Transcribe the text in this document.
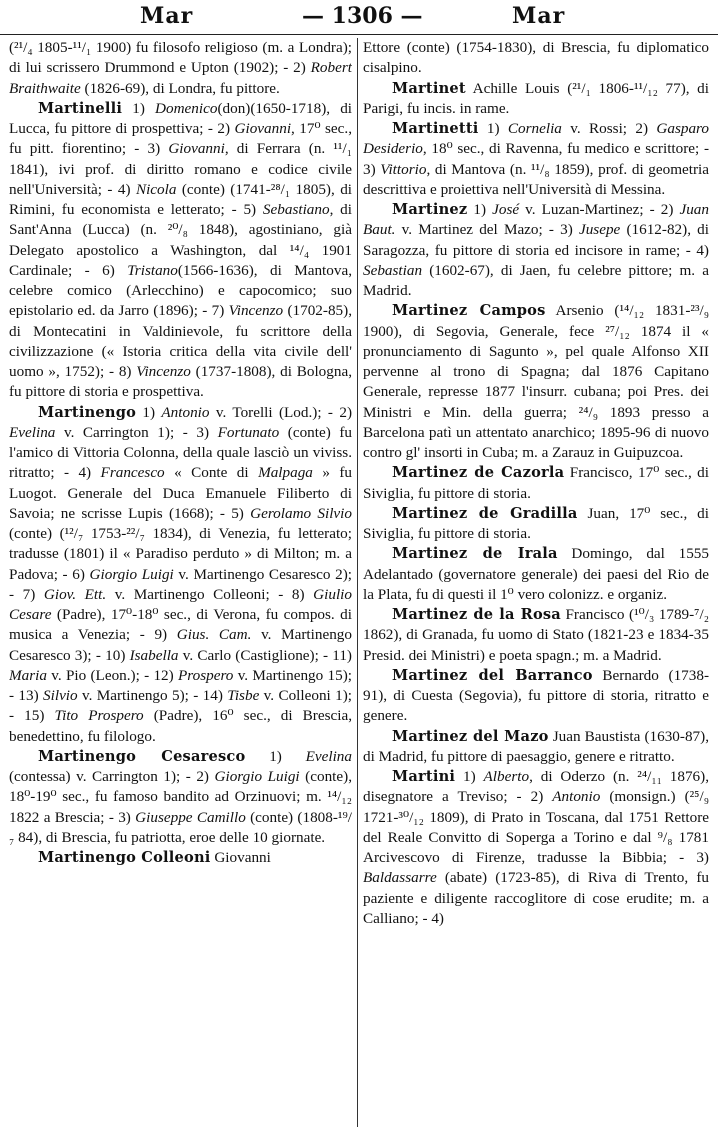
Mar	— 1306 —	Mar

(²¹/₄ 1805-¹¹/₁ 1900) fu filosofo religioso (m. a Londra); di lui scrissero Drummond e Upton (1902); - 2) Robert Braithwaite (1826-69), di Londra, fu pittore.

Martinelli 1) Domenico(don)(1650-1718), di Lucca, fu pittore di prospettiva; - 2) Giovanni, 17⁰ sec., fu pitt. fiorentino; - 3) Giovanni, di Ferrara (n. ¹¹/₁ 1841), ivi prof. di diritto romano e codice civile nell'Università; - 4) Nicola (conte) (1741-²⁸/₁ 1805), di Rimini, fu economista e letterato; - 5) Sebastiano, di Sant'Anna (Lucca) (n. ²⁰/₈ 1848), agostiniano, già Delegato apostolico a Washington, dal ¹⁴/₄ 1901 Cardinale; - 6) Tristano(1566-1636), di Mantova, celebre comico (Arlecchino) e capocomico; suo epistolario ed. da Jarro (1896); - 7) Vincenzo (1702-85), di Montecatini in Valdinievole, fu scrittore della civilizzazione (« Istoria critica della vita civile dell' uomo », 1752); - 8) Vincenzo (1737-1808), di Bologna, fu pittore di storia e prospettiva.

Martinengo 1) Antonio v. Torelli (Lod.); - 2) Evelina v. Carrington 1); - 3) Fortunato (conte) fu l'amico di Vittoria Colonna, della quale lasciò un viviss. ritratto; - 4) Francesco « Conte di Malpaga » fu Luogot. Generale del Duca Emanuele Filiberto di Savoia; ne scrisse Lupis (1668); - 5) Gerolamo Silvio (conte) (¹²/₇ 1753-²²/₇ 1834), di Venezia, fu letterato; tradusse (1801) il « Paradiso perduto » di Milton; m. a Padova; - 6) Giorgio Luigi v. Martinengo Cesaresco 2); - 7) Giov. Ett. v. Martinengo Colleoni; - 8) Giulio Cesare (Padre), 17⁰-18⁰ sec., di Verona, fu compos. di musica a Venezia; - 9) Gius. Cam. v. Martinengo Cesaresco 3); - 10) Isabella v. Carlo (Castiglione); - 11) Maria v. Pio (Leon.); - 12) Prospero v. Martinengo 15); - 13) Silvio v. Martinengo 5); - 14) Tisbe v. Colleoni 1); - 15) Tito Prospero (Padre), 16⁰ sec., di Brescia, benedettino, fu filologo.

Martinengo Cesaresco 1) Evelina (contessa) v. Carrington 1); - 2) Giorgio Luigi (conte), 18⁰-19⁰ sec., fu famoso bandito ad Orzinuovi; m. ¹⁴/₁₂ 1822 a Brescia; - 3) Giuseppe Camillo (conte) (1808-¹⁹/₇ 84), di Brescia, fu patriotta, eroe delle 10 giornate.

Martinengo Colleoni Giovanni

Ettore (conte) (1754-1830), di Brescia, fu diplomatico cisalpino.

Martinet Achille Louis (²¹/₁ 1806-¹¹/₁₂ 77), di Parigi, fu incis. in rame.

Martinetti 1) Cornelia v. Rossi; 2) Gasparo Desiderio, 18⁰ sec., di Ravenna, fu medico e scrittore; - 3) Vittorio, di Mantova (n. ¹¹/₈ 1859), prof. di geometria descrittiva e proiettiva nell'Università di Messina.

Martinez 1) José v. Luzan-Martinez; - 2) Juan Baut. v. Martinez del Mazo; - 3) Jusepe (1612-82), di Saragozza, fu pittore di storia ed incisore in rame; - 4) Sebastian (1602-67), di Jaen, fu celebre pittore; m. a Madrid.

Martinez Campos Arsenio (¹⁴/₁₂ 1831-²³/₉ 1900), di Segovia, Generale, fece ²⁷/₁₂ 1874 il « pronunciamento di Sagunto », pel quale Alfonso XII pervenne al trono di Spagna; dal 1876 Capitano Generale, represse 1877 l'insurr. cubana; poi Pres. dei Ministri e Min. della guerra; ²⁴/₉ 1893 presso a Barcelona patì un attentato anarchico; 1895-96 di nuovo contro gl' insorti in Cuba; m. a Zarauz in Guipuzcoa.

Martinez de Cazorla Francisco, 17⁰ sec., di Siviglia, fu pittore di storia.

Martinez de Gradilla Juan, 17⁰ sec., di Siviglia, fu pittore di storia.

Martinez de Irala Domingo, dal 1555 Adelantado (governatore generale) dei paesi del Rio de la Plata, fu di questi il 1⁰ vero colonizz. e organiz.

Martinez de la Rosa Francisco (¹⁰/₃ 1789-⁷/₂ 1862), di Granada, fu uomo di Stato (1821-23 e 1834-35 Presid. dei Ministri) e poeta spagn.; m. a Madrid.

Martinez del Barranco Bernardo (1738-91), di Cuesta (Segovia), fu pittore di storia, ritratto e genere.

Martinez del Mazo Juan Baustista (1630-87), di Madrid, fu pittore di paesaggio, genere e ritratto.

Martini 1) Alberto, di Oderzo (n. ²⁴/₁₁ 1876), disegnatore a Treviso; - 2) Antonio (monsign.) (²⁵/₉ 1721-³⁰/₁₂ 1809), di Prato in Toscana, dal 1751 Rettore del Reale Convitto di Soperga a Torino e dal ⁹/₈ 1781 Arcivescovo di Firenze, tradusse la Bibbia; - 3) Baldassarre (abate) (1723-85), di Riva di Trento, fu paziente e diligente raccoglitore di cose erudite; m. a Calliano; - 4)
